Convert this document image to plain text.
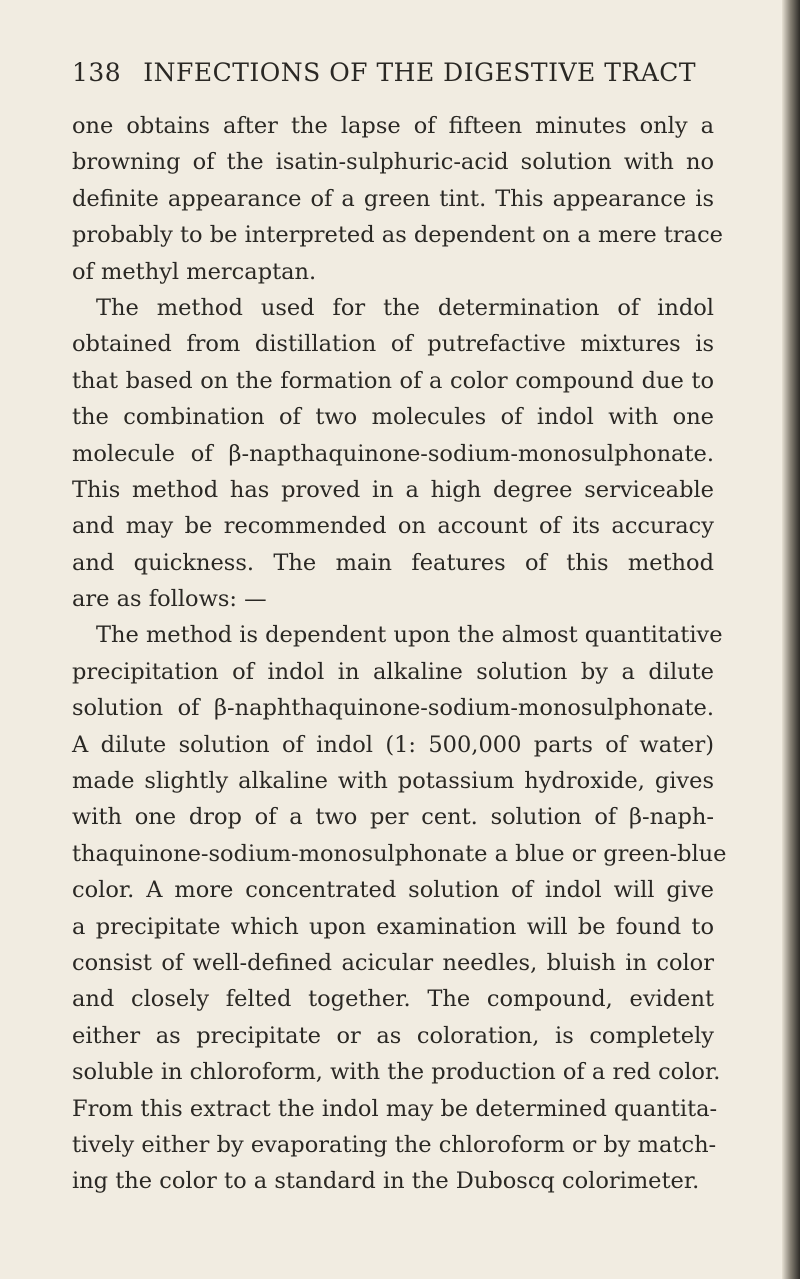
138 INFECTIONS OF THE DIGESTIVE TRACT
one obtains after the lapse of fifteen minutes only a
browning of the isatin-sulphuric-acid solution with no
definite appearance of a green tint. This appearance is
probably to be interpreted as dependent on a mere trace
of methyl mercaptan.
The method used for the determination of indol
obtained from distillation of putrefactive mixtures is
that based on the formation of a color compound due to
the combination of two molecules of indol with one
molecule of β-napthaquinone-sodium-monosulphonate.
This method has proved in a high degree serviceable
and may be recommended on account of its accuracy
and quickness. The main features of this method
are as follows: —
The method is dependent upon the almost quantitative
precipitation of indol in alkaline solution by a dilute
solution of β-naphthaquinone-sodium-monosulphonate.
A dilute solution of indol (1: 500,000 parts of water)
made slightly alkaline with potassium hydroxide, gives
with one drop of a two per cent. solution of β-naph-
thaquinone-sodium-monosulphonate a blue or green-blue
color. A more concentrated solution of indol will give
a precipitate which upon examination will be found to
consist of well-defined acicular needles, bluish in color
and closely felted together. The compound, evident
either as precipitate or as coloration, is completely
soluble in chloroform, with the production of a red color.
From this extract the indol may be determined quantita-
tively either by evaporating the chloroform or by match-
ing the color to a standard in the Duboscq colorimeter.
